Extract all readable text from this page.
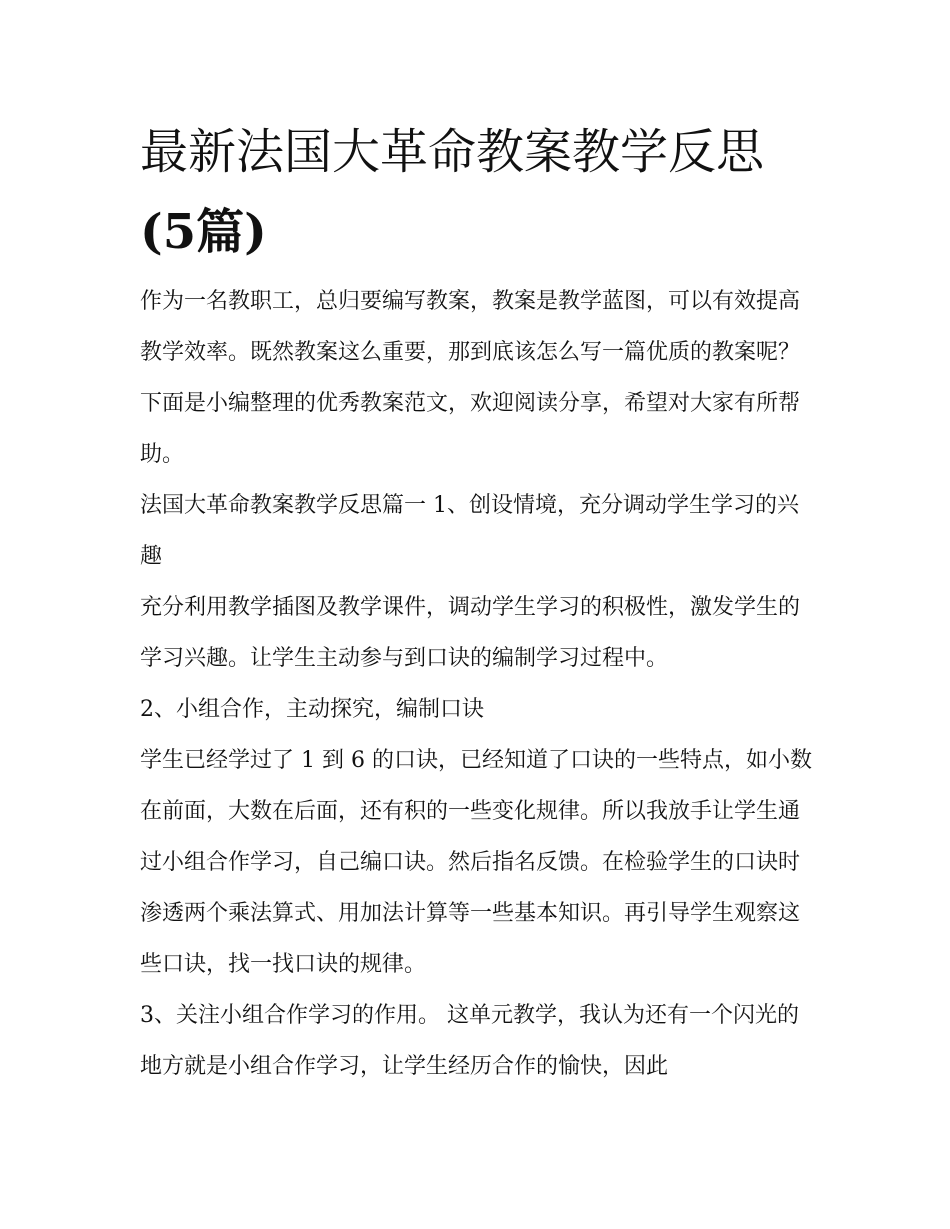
最新法国大革命教案教学反思
(5篇)

作为一名教职工，总归要编写教案，教案是教学蓝图，可以有效提高教学效率。既然教案这么重要，那到底该怎么写一篇优质的教案呢？下面是小编整理的优秀教案范文，欢迎阅读分享，希望对大家有所帮助。

法国大革命教案教学反思篇一 1、创设情境，充分调动学生学习的兴趣

充分利用教学插图及教学课件，调动学生学习的积极性，激发学生的学习兴趣。让学生主动参与到口诀的编制学习过程中。

2、小组合作，主动探究，编制口诀

学生已经学过了 1 到 6 的口诀，已经知道了口诀的一些特点，如小数在前面，大数在后面，还有积的一些变化规律。所以我放手让学生通过小组合作学习，自己编口诀。然后指名反馈。在检验学生的口诀时渗透两个乘法算式、用加法计算等一些基本知识。再引导学生观察这些口诀，找一找口诀的规律。

3、关注小组合作学习的作用。 这单元教学，我认为还有一个闪光的地方就是小组合作学习，让学生经历合作的愉快，因此
